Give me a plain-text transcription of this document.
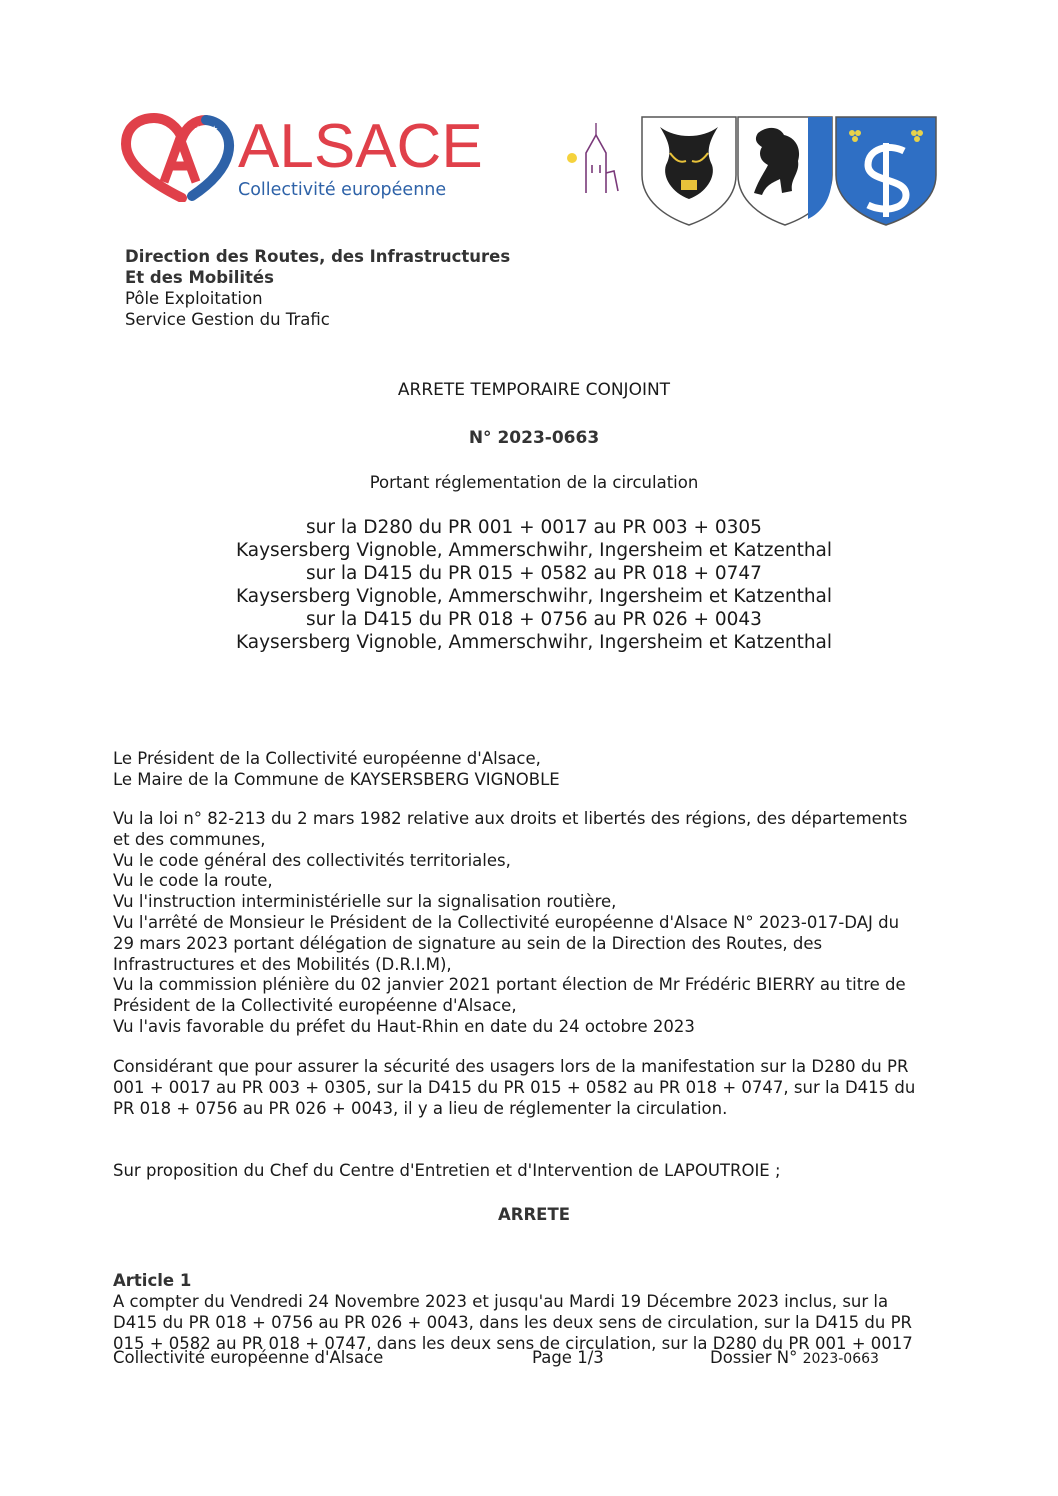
★★★ ALSACE
Collectivité européenne
Direction des Routes, des Infrastructures
Et des Mobilités
Pôle Exploitation
Service Gestion du Trafic
ARRETE TEMPORAIRE CONJOINT
N° 2023-0663
Portant réglementation de la circulation
sur la D280 du PR 001 + 0017 au PR 003 + 0305
Kaysersberg Vignoble, Ammerschwihr, Ingersheim et Katzenthal
sur la D415 du PR 015 + 0582 au PR 018 + 0747
Kaysersberg Vignoble, Ammerschwihr, Ingersheim et Katzenthal
sur la D415 du PR 018 + 0756 au PR 026 + 0043
Kaysersberg Vignoble, Ammerschwihr, Ingersheim et Katzenthal
Le Président de la Collectivité européenne d'Alsace,
Le Maire de la Commune de KAYSERSBERG VIGNOBLE
Vu la loi n° 82-213 du 2 mars 1982 relative aux droits et libertés des régions, des départements
et des communes,
Vu le code général des collectivités territoriales,
Vu le code la route,
Vu l'instruction interministérielle sur la signalisation routière,
Vu l'arrêté de Monsieur le Président de la Collectivité européenne d'Alsace N° 2023-017-DAJ du
29 mars 2023 portant délégation de signature au sein de la Direction des Routes, des
Infrastructures et des Mobilités (D.R.I.M),
Vu la commission plénière du 02 janvier 2021 portant élection de Mr Frédéric BIERRY au titre de
Président de la Collectivité européenne d'Alsace,
Vu l'avis favorable du préfet du Haut-Rhin en date du 24 octobre 2023
Considérant que pour assurer la sécurité des usagers lors de la manifestation sur la D280 du PR
001 + 0017 au PR 003 + 0305, sur la D415 du PR 015 + 0582 au PR 018 + 0747, sur la D415 du
PR 018 + 0756 au PR 026 + 0043, il y a lieu de réglementer la circulation.
Sur proposition du Chef du Centre d'Entretien et d'Intervention de LAPOUTROIE ;
ARRETE
Article 1
A compter du Vendredi 24 Novembre 2023 et jusqu'au Mardi 19 Décembre 2023 inclus, sur la
D415 du PR 018 + 0756 au PR 026 + 0043, dans les deux sens de circulation, sur la D415 du PR
015 + 0582 au PR 018 + 0747, dans les deux sens de circulation, sur la D280 du PR 001 + 0017
Collectivité européenne d'Alsace	Page 1/3	Dossier N° 2023-0663
